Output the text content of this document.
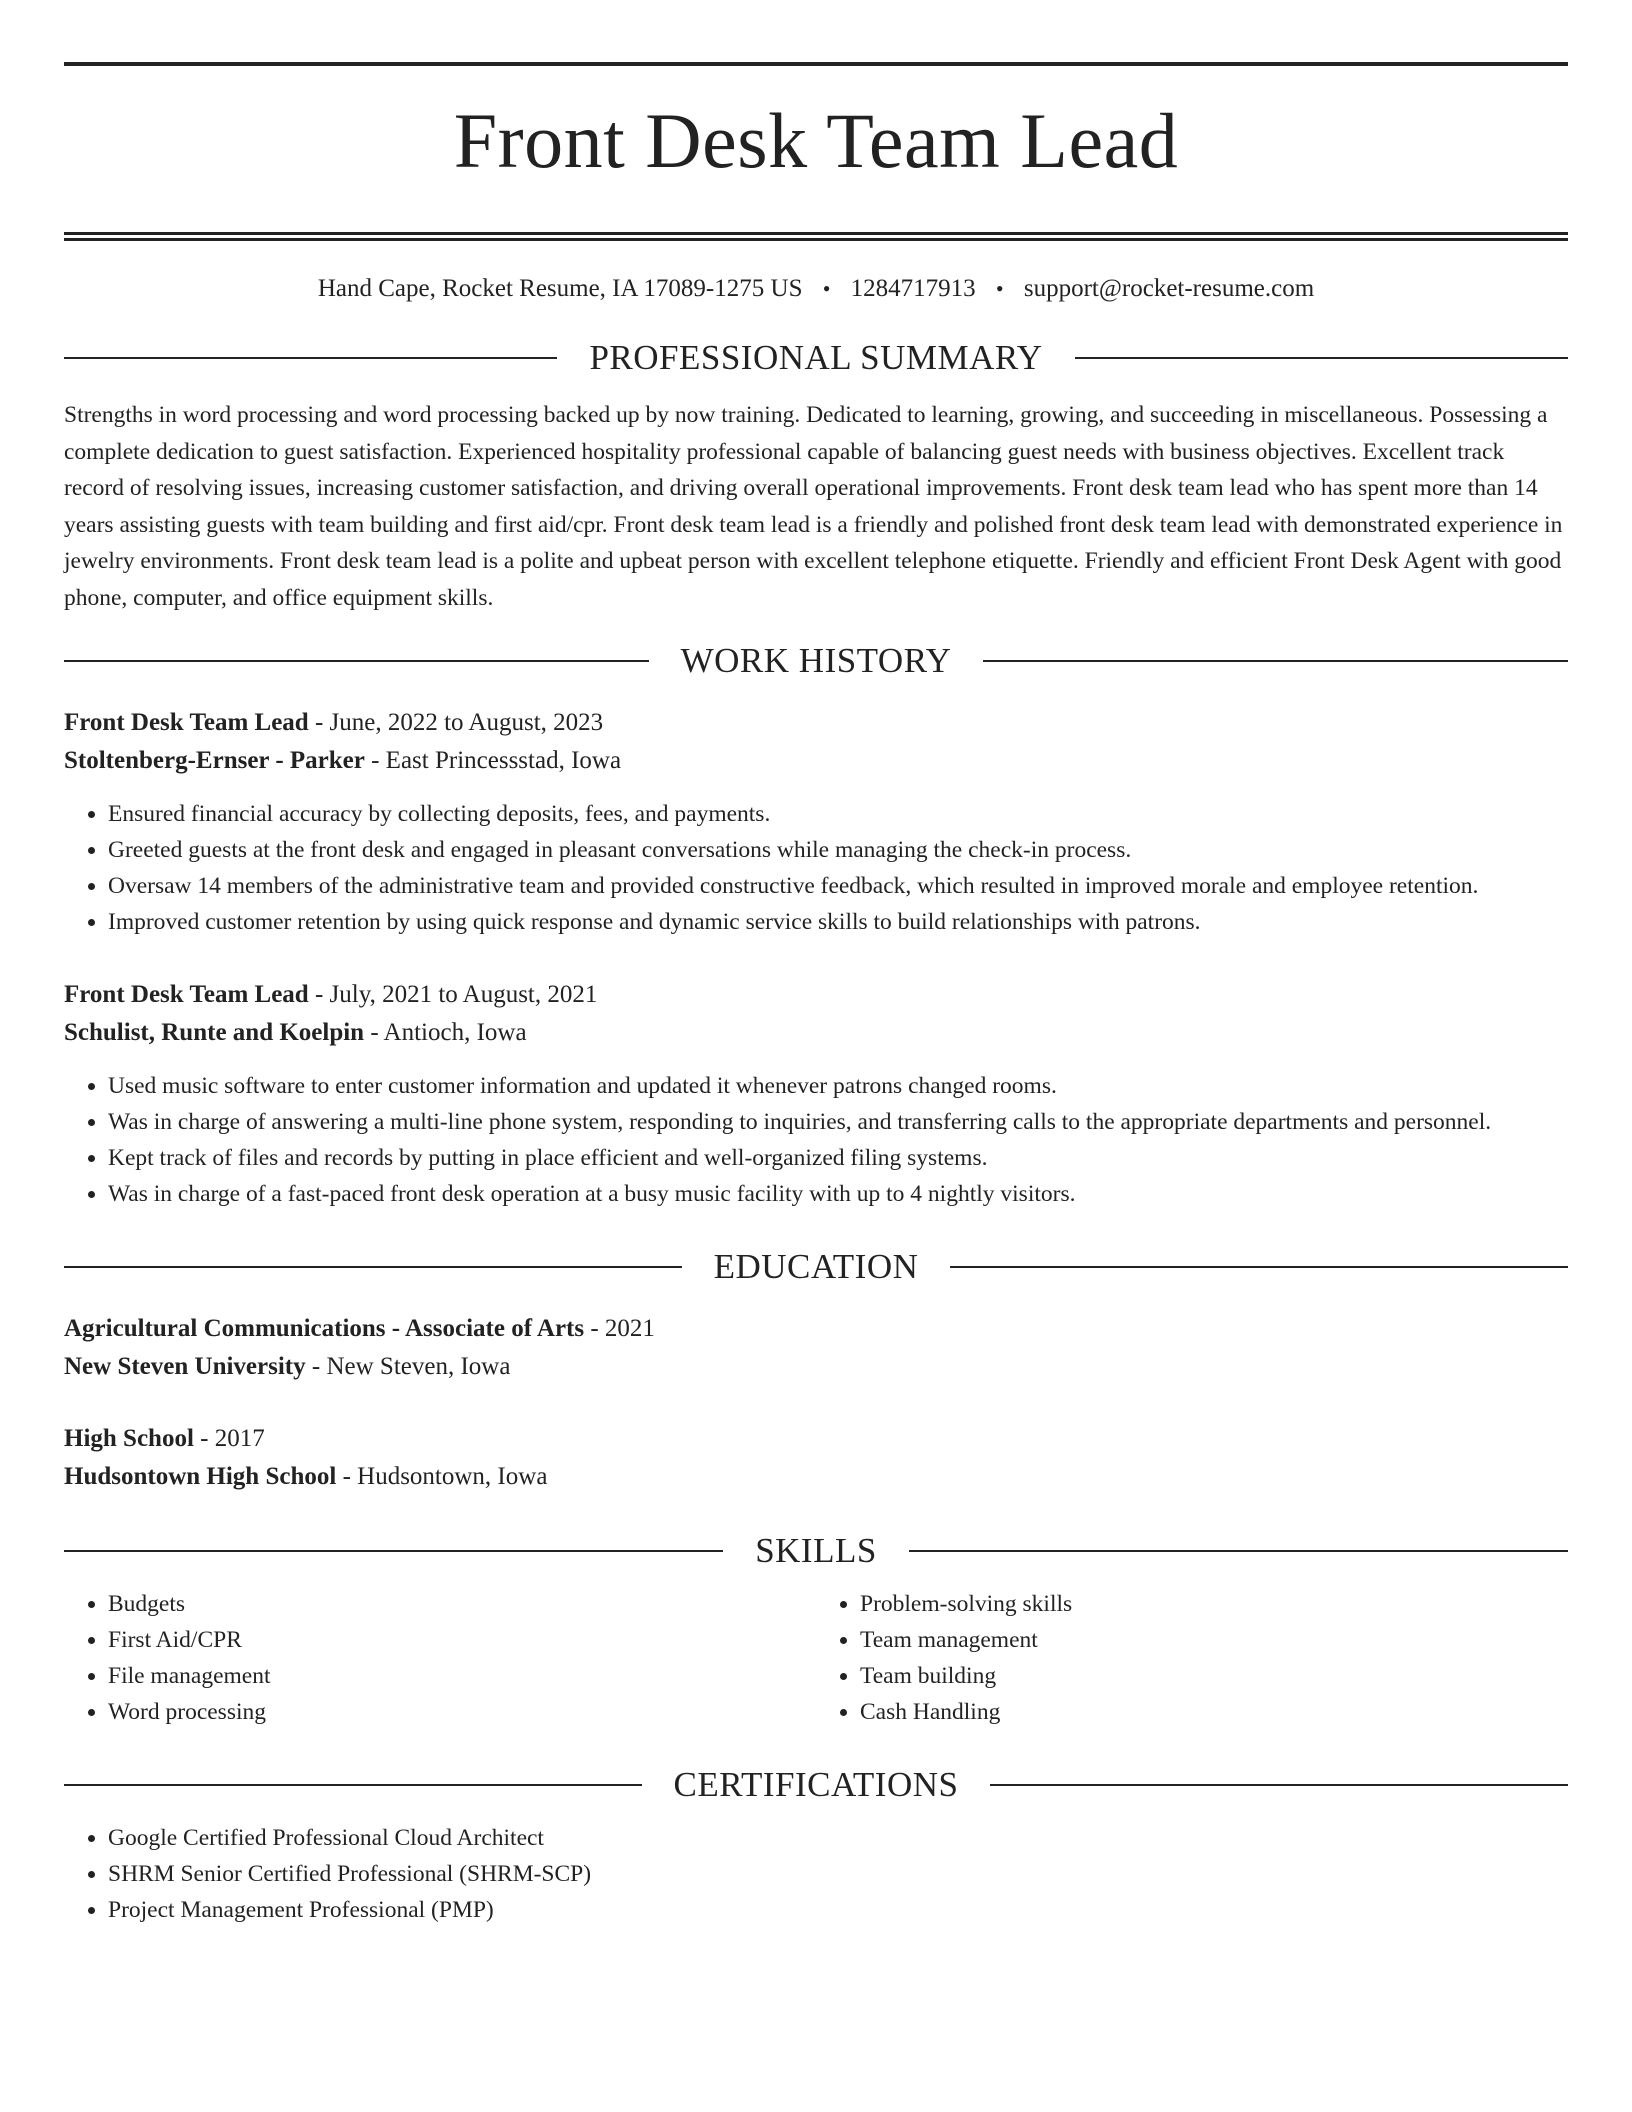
Front Desk Team Lead
Hand Cape, Rocket Resume, IA 17089-1275 US • 1284717913 • support@rocket-resume.com
PROFESSIONAL SUMMARY

Strengths in word processing and word processing backed up by now training. Dedicated to learning, growing, and succeeding in miscellaneous. Possessing a complete dedication to guest satisfaction. Experienced hospitality professional capable of balancing guest needs with business objectives. Excellent track record of resolving issues, increasing customer satisfaction, and driving overall operational improvements. Front desk team lead who has spent more than 14 years assisting guests with team building and first aid/cpr. Front desk team lead is a friendly and polished front desk team lead with demonstrated experience in jewelry environments. Front desk team lead is a polite and upbeat person with excellent telephone etiquette. Friendly and efficient Front Desk Agent with good phone, computer, and office equipment skills.

WORK HISTORY
Front Desk Team Lead - June, 2022 to August, 2023
Stoltenberg-Ernser - Parker - East Princessstad, Iowa
• Ensured financial accuracy by collecting deposits, fees, and payments.
• Greeted guests at the front desk and engaged in pleasant conversations while managing the check-in process.
• Oversaw 14 members of the administrative team and provided constructive feedback, which resulted in improved morale and employee retention.
• Improved customer retention by using quick response and dynamic service skills to build relationships with patrons.
Front Desk Team Lead - July, 2021 to August, 2021
Schulist, Runte and Koelpin - Antioch, Iowa
• Used music software to enter customer information and updated it whenever patrons changed rooms.
• Was in charge of answering a multi-line phone system, responding to inquiries, and transferring calls to the appropriate departments and personnel.
• Kept track of files and records by putting in place efficient and well-organized filing systems.
• Was in charge of a fast-paced front desk operation at a busy music facility with up to 4 nightly visitors.
EDUCATION
Agricultural Communications - Associate of Arts - 2021
New Steven University - New Steven, Iowa
High School - 2017
Hudsontown High School - Hudsontown, Iowa
SKILLS
• Budgets
• First Aid/CPR
• File management
• Word processing
• Problem-solving skills
• Team management
• Team building
• Cash Handling
CERTIFICATIONS
• Google Certified Professional Cloud Architect
• SHRM Senior Certified Professional (SHRM-SCP)
• Project Management Professional (PMP)
